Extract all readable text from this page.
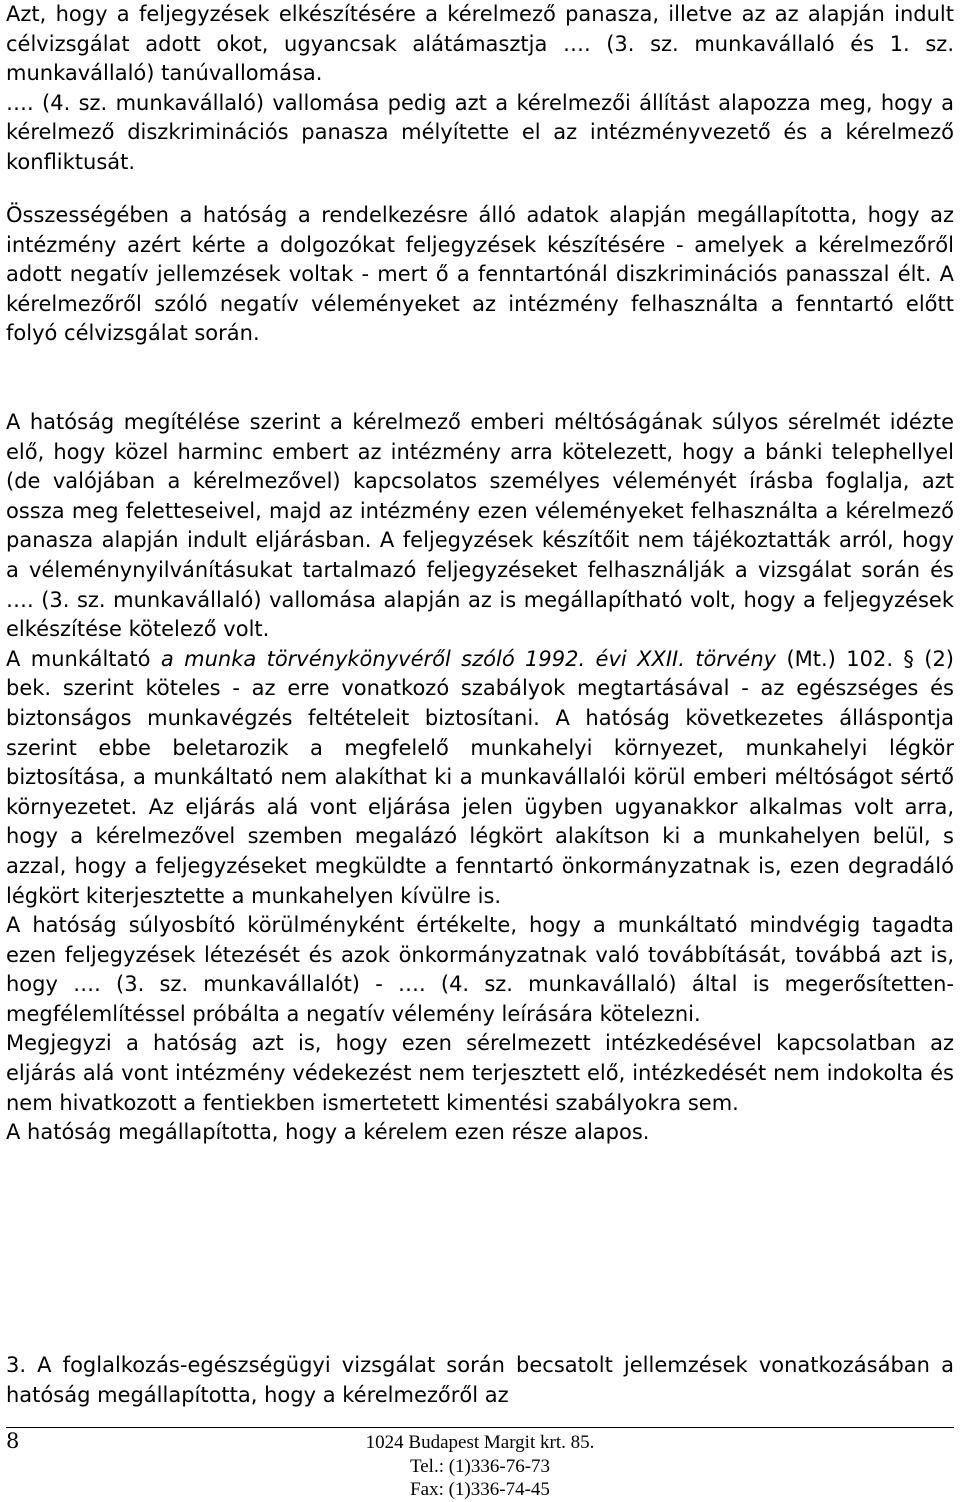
Azt, hogy a feljegyzések elkészítésére a kérelmező panasza, illetve az az alapján indult célvizsgálat adott okot, ugyancsak alátámasztja …. (3. sz. munkavállaló és 1. sz. munkavállaló) tanúvallomása.

…. (4. sz. munkavállaló) vallomása pedig azt a kérelmezői állítást alapozza meg, hogy a kérelmező diszkriminációs panasza mélyítette el az intézményvezető és a kérelmező konfliktusát.

Összességében a hatóság a rendelkezésre álló adatok alapján megállapította, hogy az intézmény azért kérte a dolgozókat feljegyzések készítésére - amelyek a kérelmezőről adott negatív jellemzések voltak - mert ő a fenntartónál diszkriminációs panasszal élt. A kérelmezőről szóló negatív véleményeket az intézmény felhasználta a fenntartó előtt folyó célvizsgálat során.

A hatóság megítélése szerint a kérelmező emberi méltóságának súlyos sérelmét idézte elő, hogy közel harminc embert az intézmény arra kötelezett, hogy a bánki telephellyel (de valójában a kérelmezővel) kapcsolatos személyes véleményét írásba foglalja, azt ossza meg feletteseivel, majd az intézmény ezen véleményeket felhasználta a kérelmező panasza alapján indult eljárásban. A feljegyzések készítőit nem tájékoztatták arról, hogy a véleménynyilvánításukat tartalmazó feljegyzéseket felhasználják a vizsgálat során és …. (3. sz. munkavállaló) vallomása alapján az is megállapítható volt, hogy a feljegyzések elkészítése kötelező volt.

A munkáltató a munka törvénykönyvéről szóló 1992. évi XXII. törvény (Mt.) 102. § (2) bek. szerint köteles - az erre vonatkozó szabályok megtartásával - az egészséges és biztonságos munkavégzés feltételeit biztosítani. A hatóság következetes álláspontja szerint ebbe beletarozik a megfelelő munkahelyi környezet, munkahelyi légkör biztosítása, a munkáltató nem alakíthat ki a munkavállalói körül emberi méltóságot sértő környezetet. Az eljárás alá vont eljárása jelen ügyben ugyanakkor alkalmas volt arra, hogy a kérelmezővel szemben megalázó légkört alakítson ki a munkahelyen belül, s azzal, hogy a feljegyzéseket megküldte a fenntartó önkormányzatnak is, ezen degradáló légkört kiterjesztette a munkahelyen kívülre is.

A hatóság súlyosbító körülményként értékelte, hogy a munkáltató mindvégig tagadta ezen feljegyzések létezését és azok önkormányzatnak való továbbítását, továbbá azt is, hogy …. (3. sz. munkavállalót) - …. (4. sz. munkavállaló) által is megerősítetten- megfélemlítéssel próbálta a negatív vélemény leírására kötelezni.

Megjegyzi a hatóság azt is, hogy ezen sérelmezett intézkedésével kapcsolatban az eljárás alá vont intézmény védekezést nem terjesztett elő, intézkedését nem indokolta és nem hivatkozott a fentiekben ismertetett kimentési szabályokra sem.

A hatóság megállapította, hogy a kérelem ezen része alapos.

3. A foglalkozás-egészségügyi vizsgálat során becsatolt jellemzések vonatkozásában a hatóság megállapította, hogy a kérelmezőről az

8	1024 Budapest Margit krt. 85.
Tel.: (1)336-76-73
Fax: (1)336-74-45
